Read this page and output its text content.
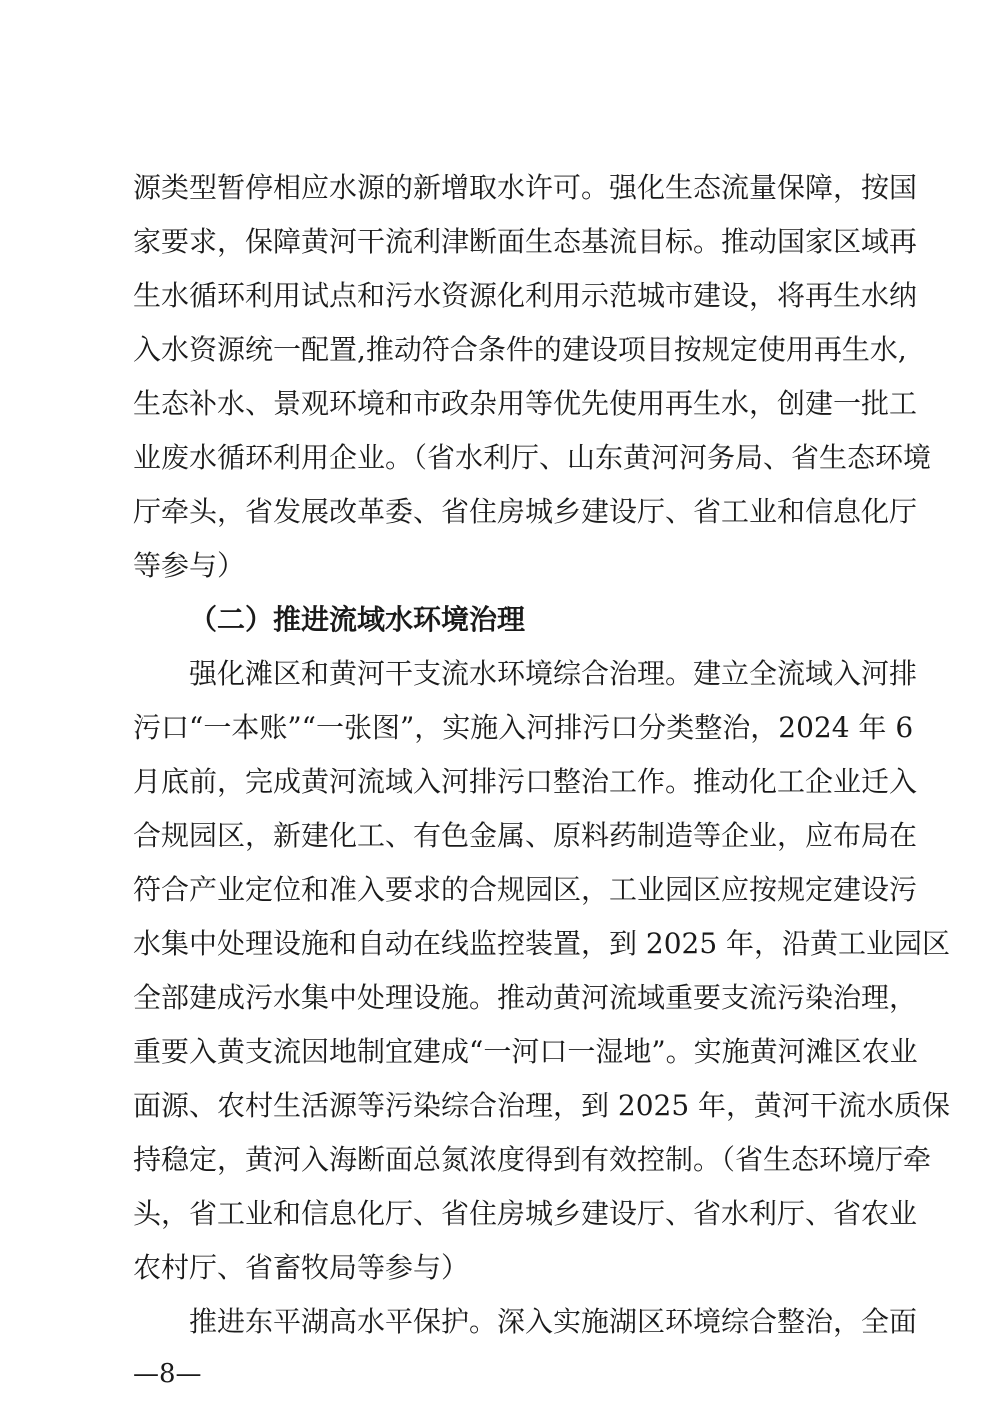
源类型暂停相应水源的新增取水许可。强化生态流量保障，按国
家要求，保障黄河干流利津断面生态基流目标。推动国家区域再
生水循环利用试点和污水资源化利用示范城市建设，将再生水纳
入水资源统一配置,推动符合条件的建设项目按规定使用再生水,
生态补水、景观环境和市政杂用等优先使用再生水，创建一批工
业废水循环利用企业。（省水利厅、山东黄河河务局、省生态环境
厅牵头，省发展改革委、省住房城乡建设厅、省工业和信息化厅
等参与）
（二）推进流域水环境治理
强化滩区和黄河干支流水环境综合治理。建立全流域入河排
污口“一本账”“一张图”，实施入河排污口分类整治，2024 年 6
月底前，完成黄河流域入河排污口整治工作。推动化工企业迁入
合规园区，新建化工、有色金属、原料药制造等企业，应布局在
符合产业定位和准入要求的合规园区，工业园区应按规定建设污
水集中处理设施和自动在线监控装置，到 2025 年，沿黄工业园区
全部建成污水集中处理设施。推动黄河流域重要支流污染治理，
重要入黄支流因地制宜建成“一河口一湿地”。实施黄河滩区农业
面源、农村生活源等污染综合治理，到 2025 年，黄河干流水质保
持稳定，黄河入海断面总氮浓度得到有效控制。（省生态环境厅牵
头，省工业和信息化厅、省住房城乡建设厅、省水利厅、省农业
农村厅、省畜牧局等参与）
推进东平湖高水平保护。深入实施湖区环境综合整治，全面
—8—
